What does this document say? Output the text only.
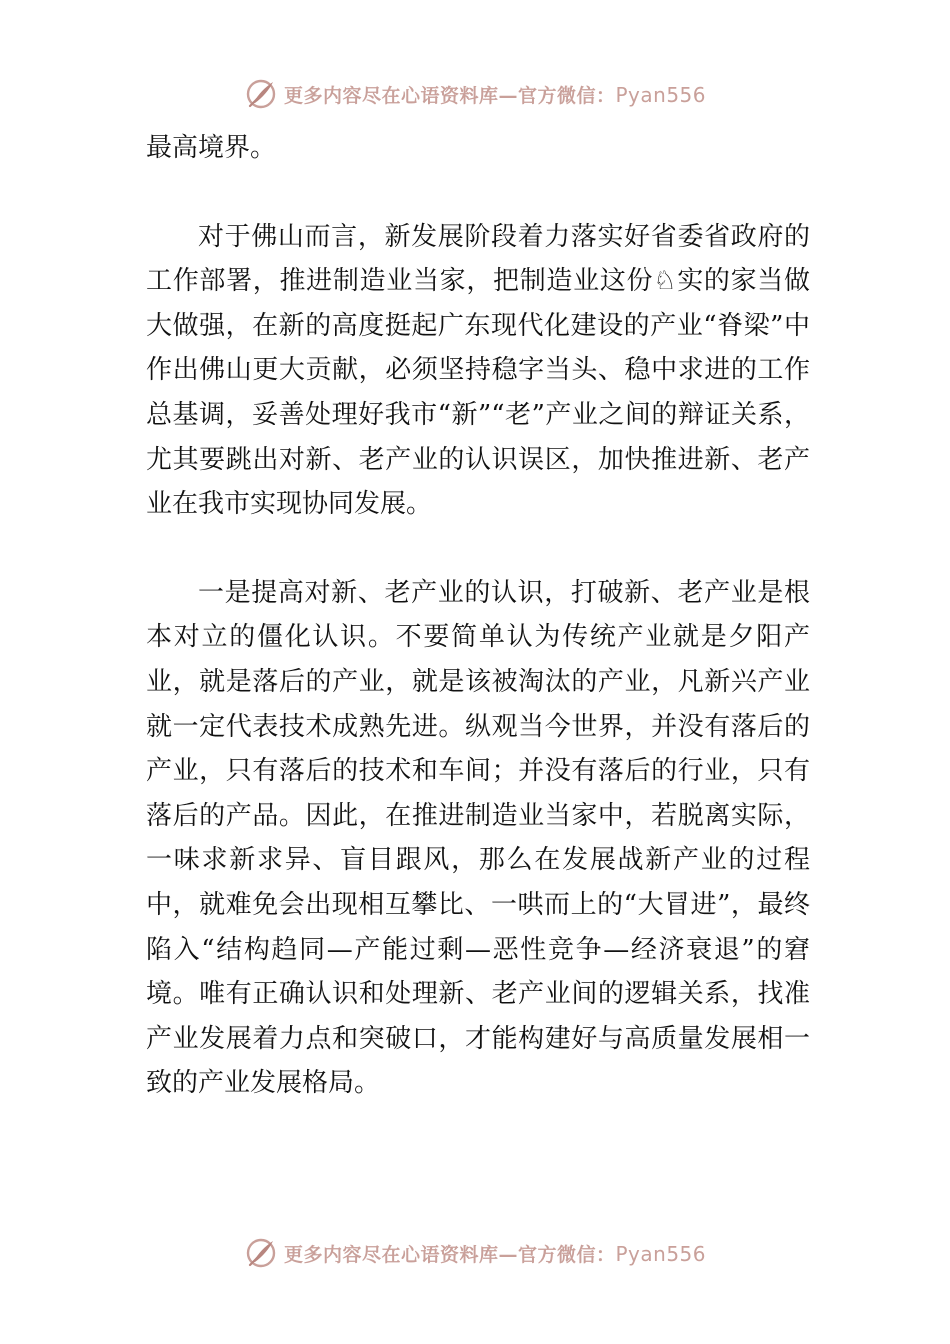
更多内容尽在心语资料库—官方微信：Pyan556

最高境界。

对于佛山而言，新发展阶段着力落实好省委省政府的工作部署，推进制造业当家，把制造业这份♘实的家当做大做强，在新的高度挺起广东现代化建设的产业“脊梁”中作出佛山更大贡献，必须坚持稳字当头、稳中求进的工作总基调，妥善处理好我市“新”“老”产业之间的辩证关系，尤其要跳出对新、老产业的认识误区，加快推进新、老产业在我市实现协同发展。

一是提高对新、老产业的认识，打破新、老产业是根本对立的僵化认识。不要简单认为传统产业就是夕阳产业，就是落后的产业，就是该被淘汰的产业，凡新兴产业就一定代表技术成熟先进。纵观当今世界，并没有落后的产业，只有落后的技术和车间；并没有落后的行业，只有落后的产品。因此，在推进制造业当家中，若脱离实际，一味求新求异、盲目跟风，那么在发展战新产业的过程中，就难免会出现相互攀比、一哄而上的“大冒进”，最终陷入“结构趋同—产能过剩—恶性竞争—经济衰退”的窘境。唯有正确认识和处理新、老产业间的逻辑关系，找准产业发展着力点和突破口，才能构建好与高质量发展相一致的产业发展格局。

更多内容尽在心语资料库—官方微信：Pyan556
